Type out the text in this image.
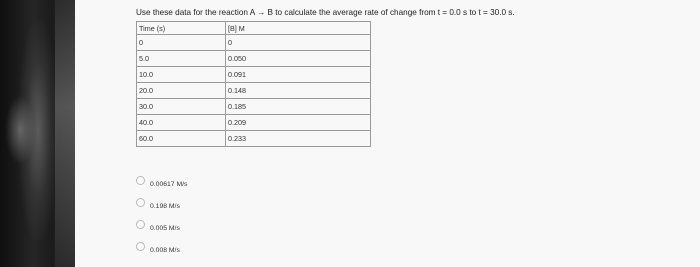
Use these data for the reaction A → B to calculate the average rate of change from t = 0.0 s to t = 30.0 s.

Time (s)	[B] M
0	0
5.0	0.050
10.0	0.091
20.0	0.148
30.0	0.185
40.0	0.209
60.0	0.233
0.00617 M/s
0.198 M/s
0.005 M/s
0.008 M/s
